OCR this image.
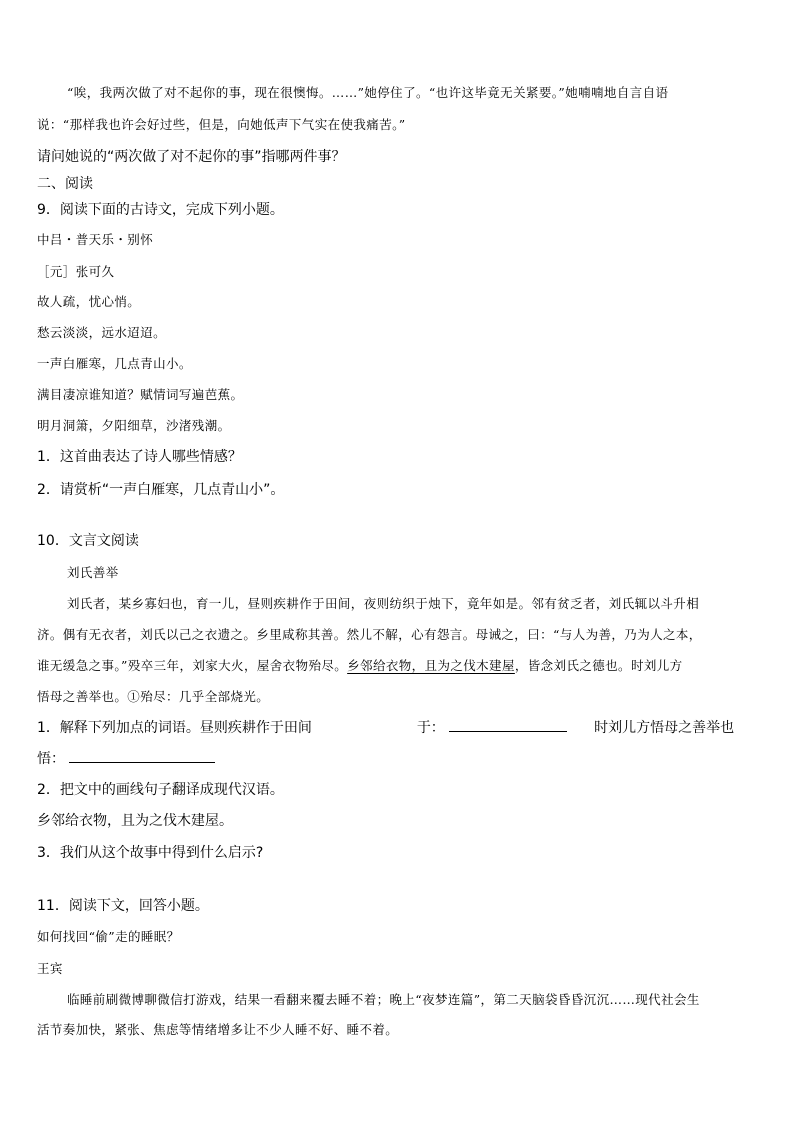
“唉，我两次做了对不起你的事，现在很懊悔。……”她停住了。“也许这毕竟无关紧要。”她喃喃地自言自语
说：“那样我也许会好过些，但是，向她低声下气实在使我痛苦。”
请问她说的“两次做了对不起你的事”指哪两件事？
二、阅读
9．阅读下面的古诗文，完成下列小题。
中吕・普天乐・别怀
［元］张可久
故人疏，忧心悄。
愁云淡淡，远水迢迢。
一声白雁寒，几点青山小。
满目凄凉谁知道？赋情词写遍芭蕉。
明月洞箫，夕阳细草，沙渚残潮。
1．这首曲表达了诗人哪些情感？
2．请赏析“一声白雁寒，几点青山小”。
10．文言文阅读
刘氏善举
刘氏者，某乡寡妇也，育一儿，昼则疾耕作于田间，夜则纺织于烛下，竟年如是。邻有贫乏者，刘氏辄以斗升相
济。偶有无衣者，刘氏以己之衣遗之。乡里咸称其善。然儿不解，心有怨言。母诫之，曰：“与人为善，乃为人之本，
谁无缓急之事。”殁卒三年，刘家大火，屋舍衣物殆尽。乡邻给衣物，且为之伐木建屋，皆念刘氏之德也。时刘儿方
悟母之善举也。①殆尽：几乎全部烧光。
1．解释下列加点的词语。昼则疾耕作于田间	于：	时刘儿方悟母之善举也
悟：
2．把文中的画线句子翻译成现代汉语。
乡邻给衣物，且为之伐木建屋。
3．我们从这个故事中得到什么启示?
11．阅读下文，回答小题。
如何找回“偷”走的睡眠？
王宾
临睡前刷微博聊微信打游戏，结果一看翻来覆去睡不着；晚上“夜梦连篇”，第二天脑袋昏昏沉沉……现代社会生
活节奏加快，紧张、焦虑等情绪增多让不少人睡不好、睡不着。
